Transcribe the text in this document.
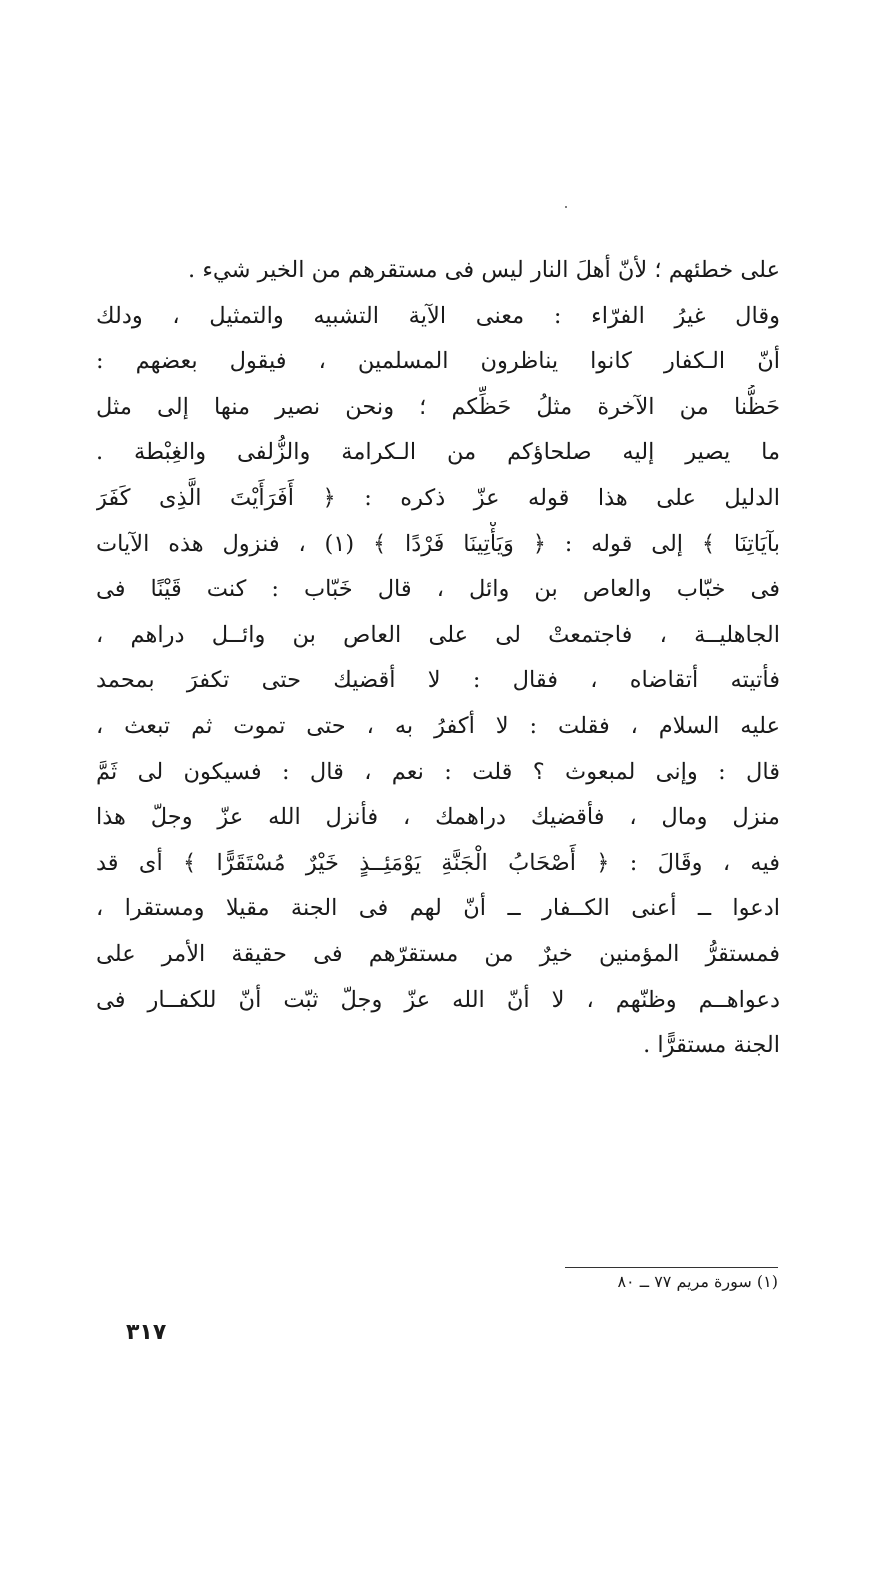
على خطئهم ؛ لأنّ أهلَ النار ليس فى مستقرهم من الخير شيء .
وقال غيرُ الفرّاء : معنى الآية التشبيه والتمثيل ، ودلك
أنّ الـكفار كانوا يناظرون المسلمين ، فيقول بعضهم :
حَظُّنا من الآخرة مثلُ حَظِّكم ؛ ونحن نصير منها إلى مثل
ما يصير إليه صلحاؤكم من الـكرامة والزُّلفى والغِبْطة .
الدليل على هذا قوله عزّ ذكره : ﴿ أَفَرَأَيْتَ الَّذِى كَفَرَ
بآيَاتِنَا ﴾ إلى قوله : ﴿ وَيَأْتِينَا فَرْدًا ﴾ (١) ، فنزول هذه الآيات
فى خبّاب والعاص بن وائل ، قال خَبّاب : كنت قَيْنًا فى
الجاهليــة ، فاجتمعتْ لى على العاص بن وائــل دراهم ،
فأتيته أتقاضاه ، فقال : لا أقضيك حتى تكفرَ بمحمد
عليه السلام ، فقلت : لا أكفرُ به ، حتى تموت ثم تبعث ،
قال : وإنى لمبعوث ؟ قلت : نعم ، قال : فسيكون لى ثَمَّ
منزل ومال ، فأقضيك دراهمك ، فأنزل الله عزّ وجلّ هذا
فيه ، وقَالَ : ﴿ أَصْحَابُ الْجَنَّةِ يَوْمَئِــذٍ خَيْرٌ مُسْتَقَرًّا ﴾ أى قد
ادعوا ــ أعنى الكــفار ــ أنّ لهم فى الجنة مقيلا ومستقرا ،
فمستقرُّ المؤمنين خيرٌ من مستقرّهم فى حقيقة الأمر على
دعواهــم وظنّهم ، لا أنّ الله عزّ وجلّ ثبّت أنّ للكفــار فى
الجنة مستقرًّا .
(١) سورة مريم ٧٧ ــ ٨٠
٣١٧
